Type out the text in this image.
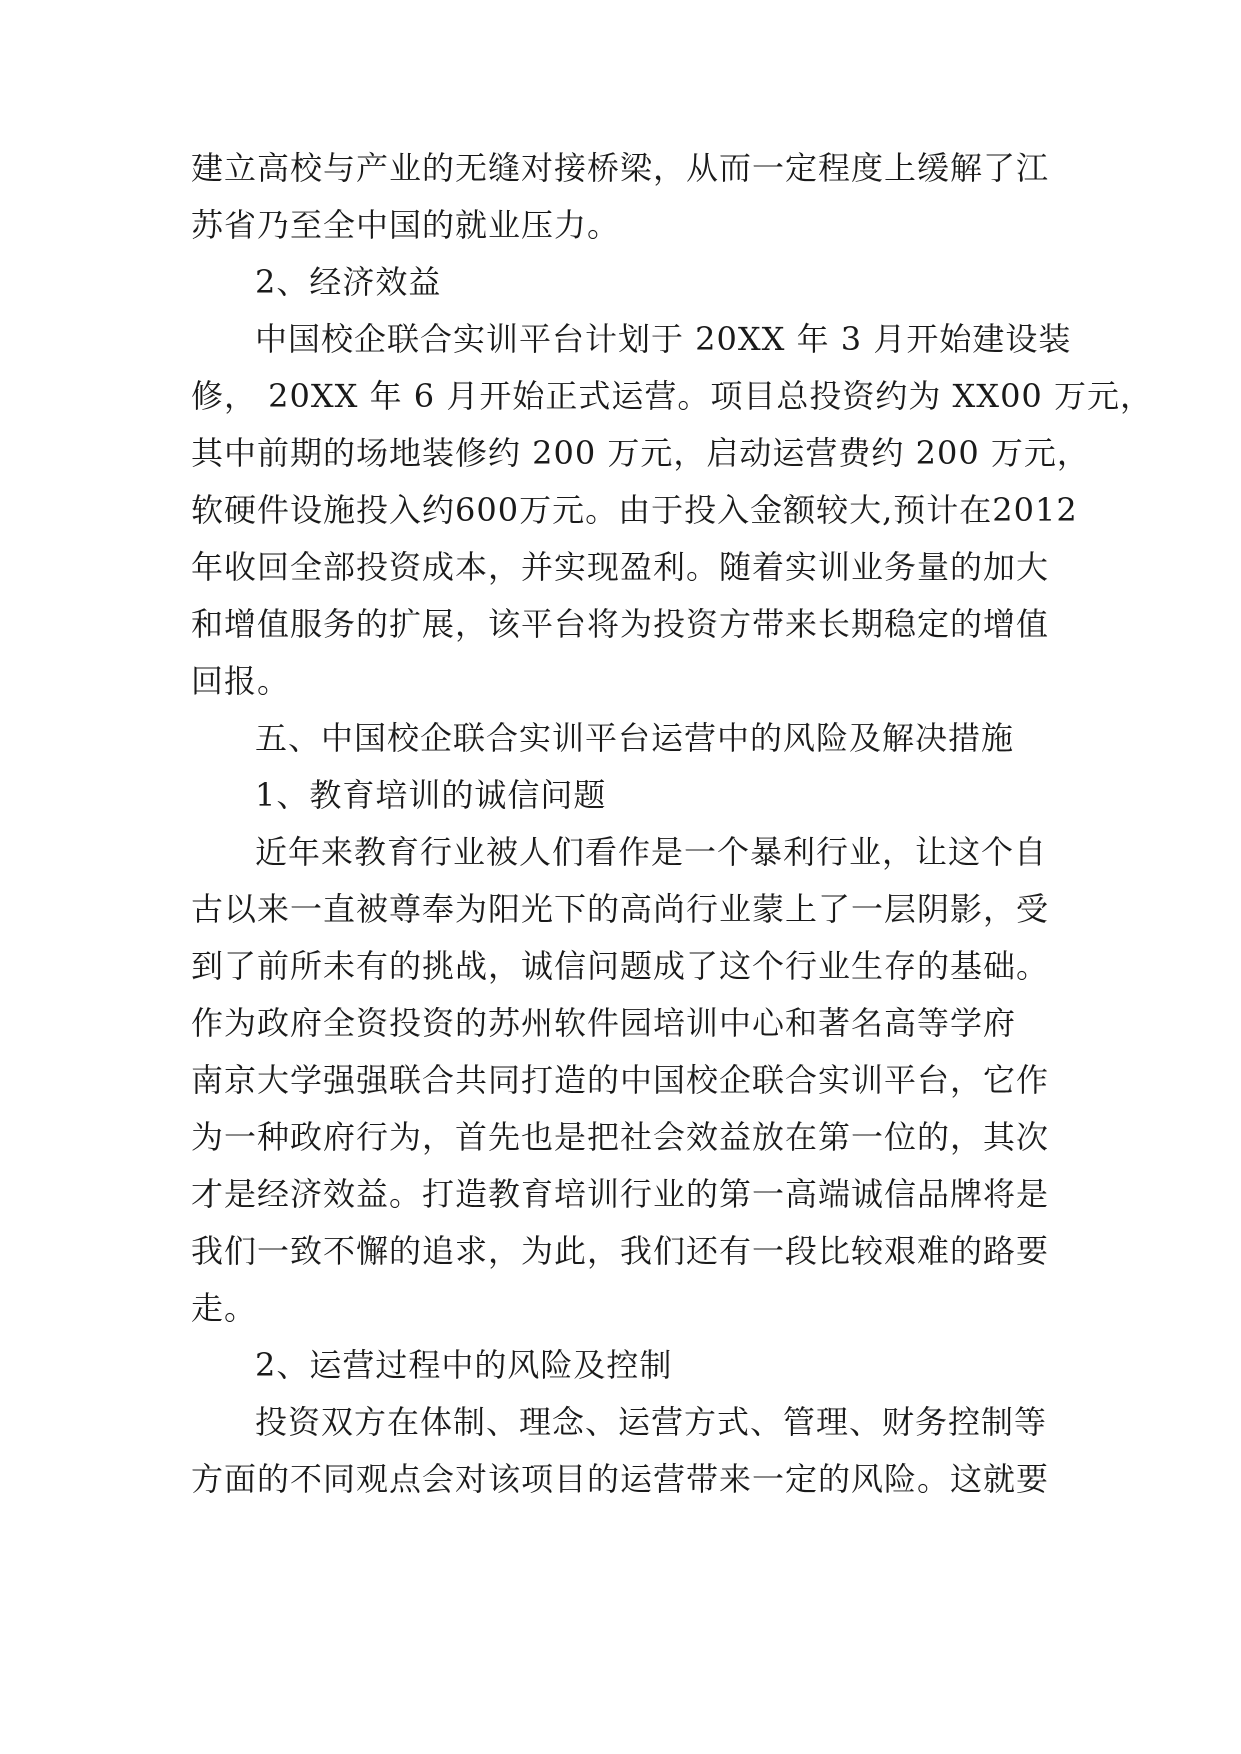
建立高校与产业的无缝对接桥梁，从而一定程度上缓解了江
苏省乃至全中国的就业压力。
2、经济效益
中国校企联合实训平台计划于 20XX 年 3 月开始建设装
修， 20XX 年 6 月开始正式运营。项目总投资约为 XX00 万元，
其中前期的场地装修约 200 万元，启动运营费约 200 万元，
软硬件设施投入约600万元。由于投入金额较大,预计在2012
年收回全部投资成本，并实现盈利。随着实训业务量的加大
和增值服务的扩展，该平台将为投资方带来长期稳定的增值
回报。
五、中国校企联合实训平台运营中的风险及解决措施
1、教育培训的诚信问题
近年来教育行业被人们看作是一个暴利行业，让这个自
古以来一直被尊奉为阳光下的高尚行业蒙上了一层阴影，受
到了前所未有的挑战，诚信问题成了这个行业生存的基础。
作为政府全资投资的苏州软件园培训中心和著名高等学府
南京大学强强联合共同打造的中国校企联合实训平台，它作
为一种政府行为，首先也是把社会效益放在第一位的，其次
才是经济效益。打造教育培训行业的第一高端诚信品牌将是
我们一致不懈的追求，为此，我们还有一段比较艰难的路要
走。
2、运营过程中的风险及控制
投资双方在体制、理念、运营方式、管理、财务控制等
方面的不同观点会对该项目的运营带来一定的风险。这就要
